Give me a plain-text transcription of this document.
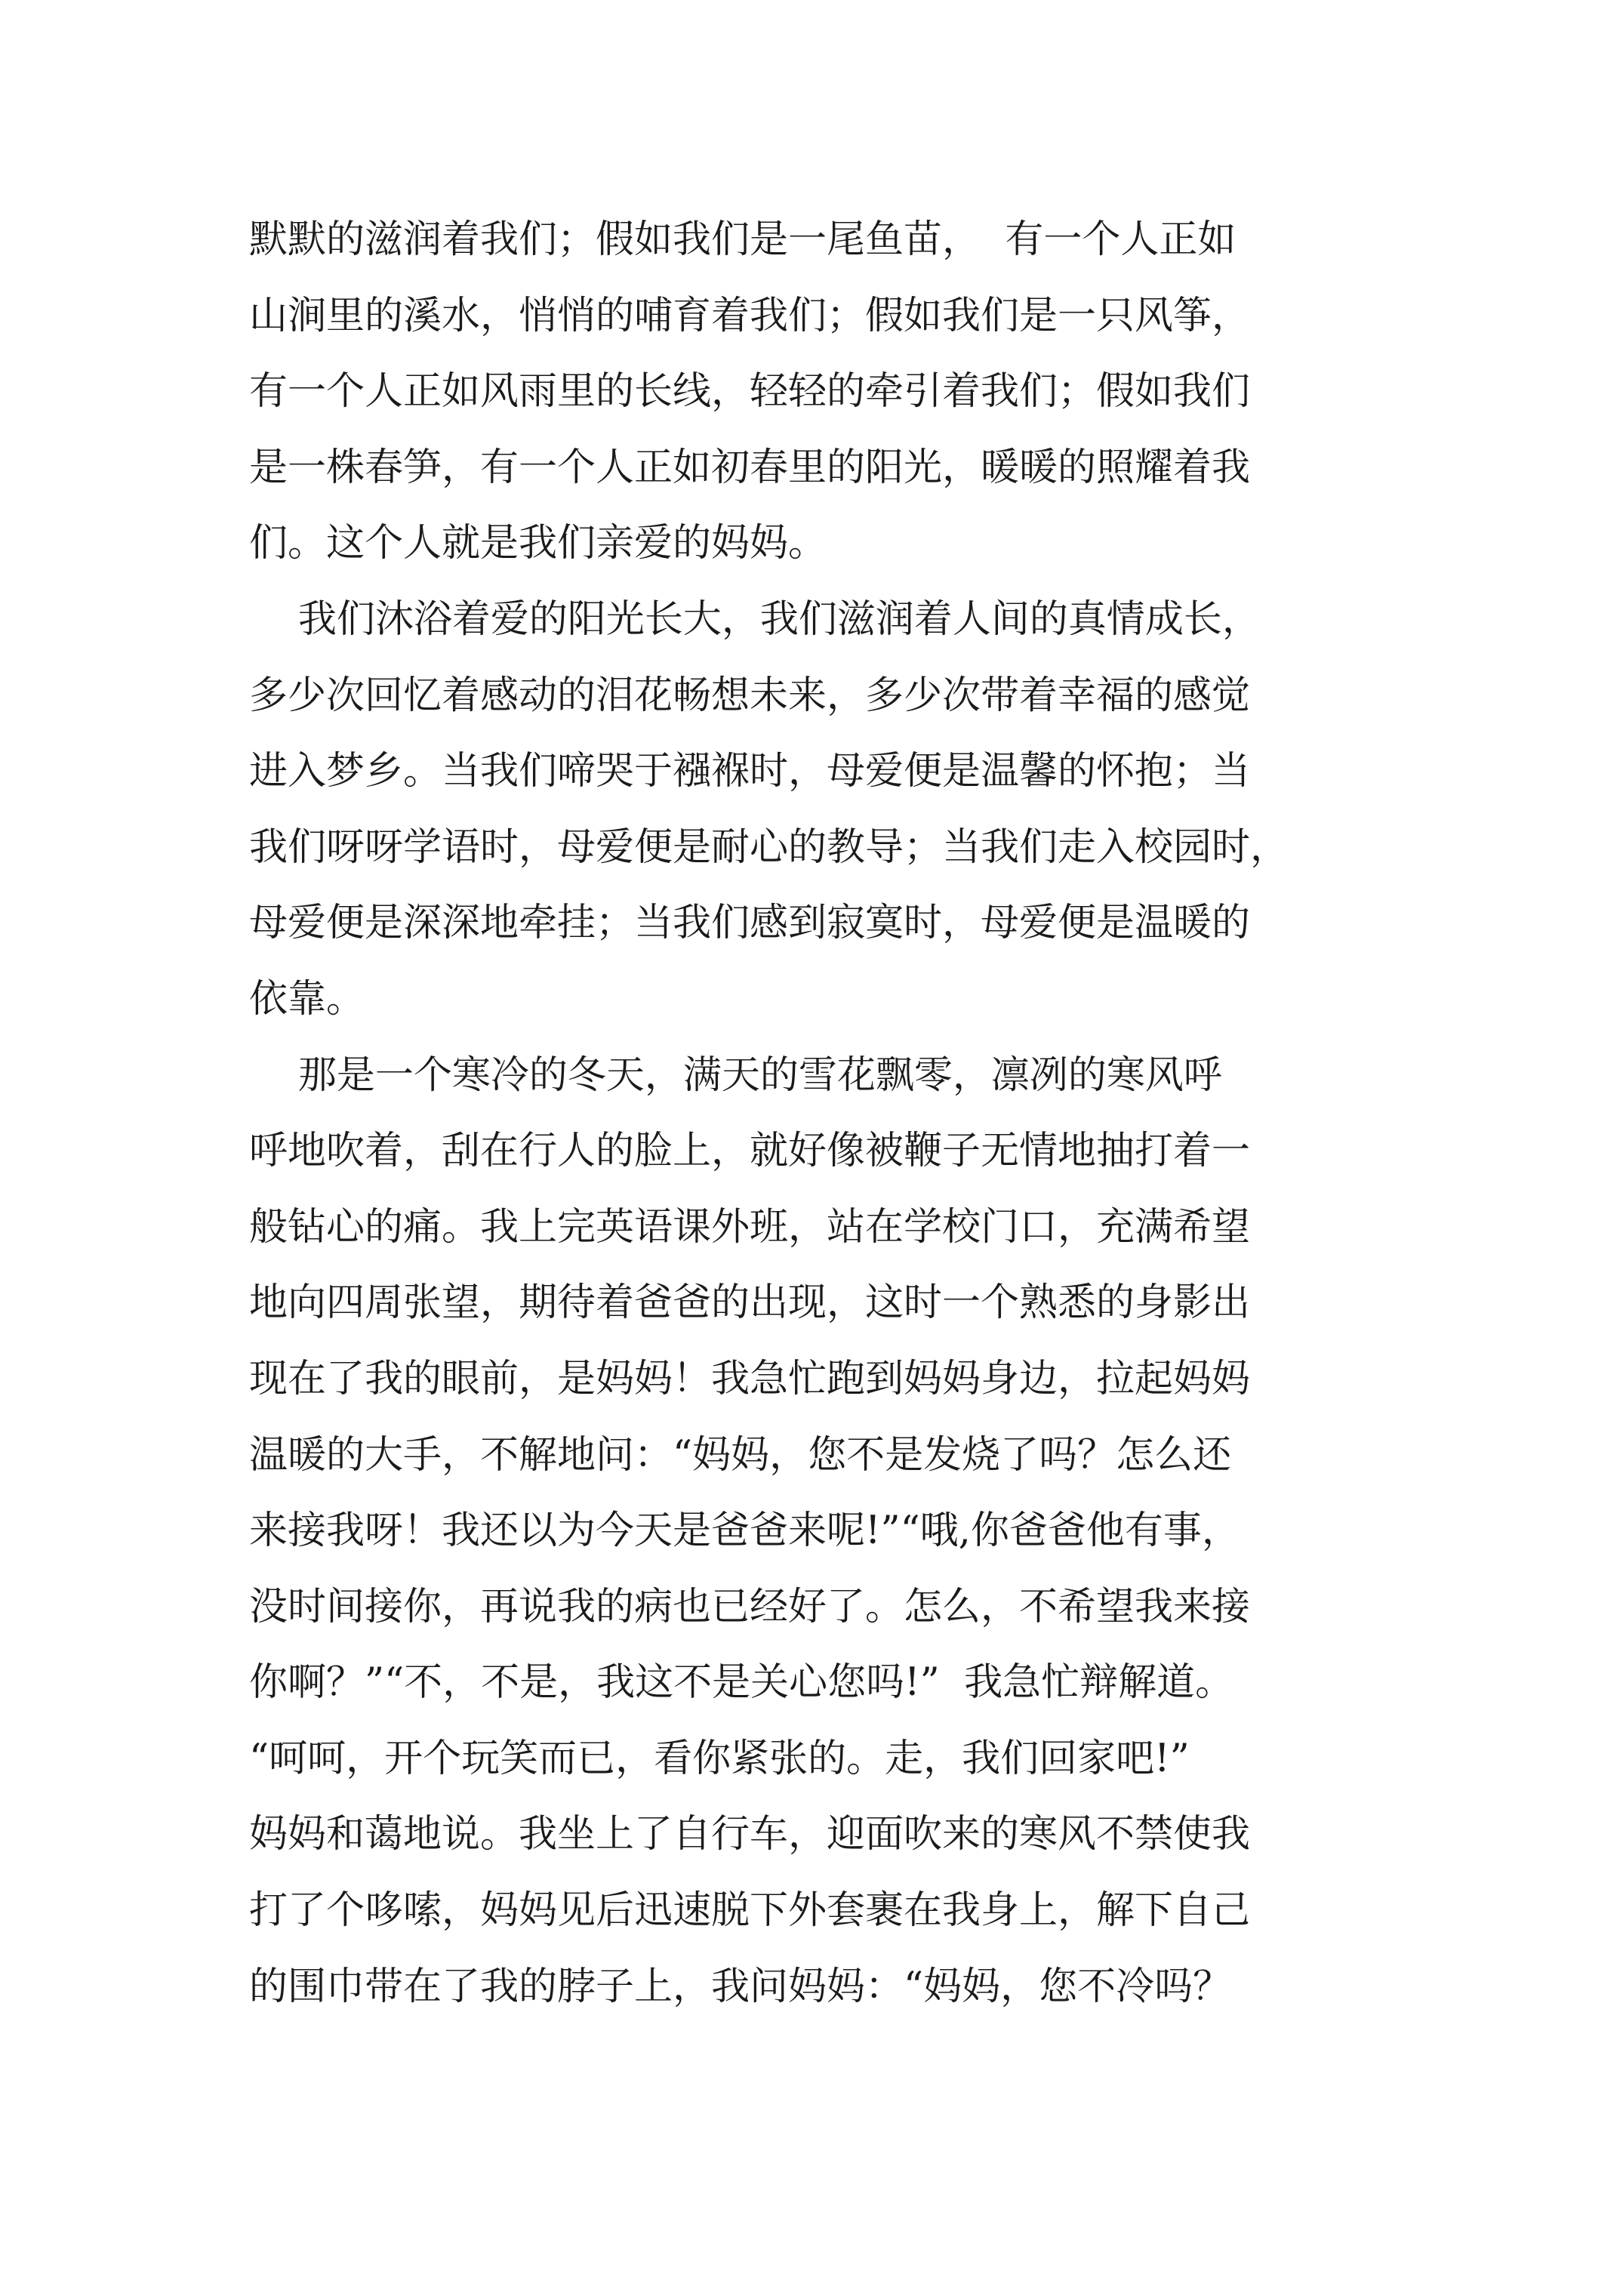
默默的滋润着我们；假如我们是一尾鱼苗，  有一个人正如
山涧里的溪水，悄悄的哺育着我们；假如我们是一只风筝，
有一个人正如风雨里的长线，轻轻的牵引着我们；假如我们
是一株春笋，有一个人正如初春里的阳光，暖暖的照耀着我
们。这个人就是我们亲爱的妈妈。

我们沐浴着爱的阳光长大，我们滋润着人间的真情成长，
多少次回忆着感动的泪花畅想未来，多少次带着幸福的感觉
进入梦乡。当我们啼哭于襁褓时，母爱便是温馨的怀抱；当
我们呀呀学语时，母爱便是耐心的教导；当我们走入校园时，
母爱便是深深地牵挂；当我们感到寂寞时，母爱便是温暖的
依靠。

那是一个寒冷的冬天，满天的雪花飘零，凛冽的寒风呼
呼地吹着，刮在行人的脸上，就好像被鞭子无情地抽打着一
般钻心的痛。我上完英语课外班，站在学校门口，充满希望
地向四周张望，期待着爸爸的出现，这时一个熟悉的身影出
现在了我的眼前，是妈妈！我急忙跑到妈妈身边，拉起妈妈
温暖的大手，不解地问：“妈妈，您不是发烧了吗？怎么还
来接我呀！我还以为今天是爸爸来呢!”“哦,你爸爸他有事，
没时间接你，再说我的病也已经好了。怎么，不希望我来接
你啊？”“不，不是，我这不是关心您吗!”  我急忙辩解道。
“呵呵，开个玩笑而已，看你紧张的。走，我们回家吧!”
妈妈和蔼地说。我坐上了自行车，迎面吹来的寒风不禁使我
打了个哆嗦，妈妈见后迅速脱下外套裹在我身上，解下自己
的围巾带在了我的脖子上，我问妈妈：“妈妈，您不冷吗？
